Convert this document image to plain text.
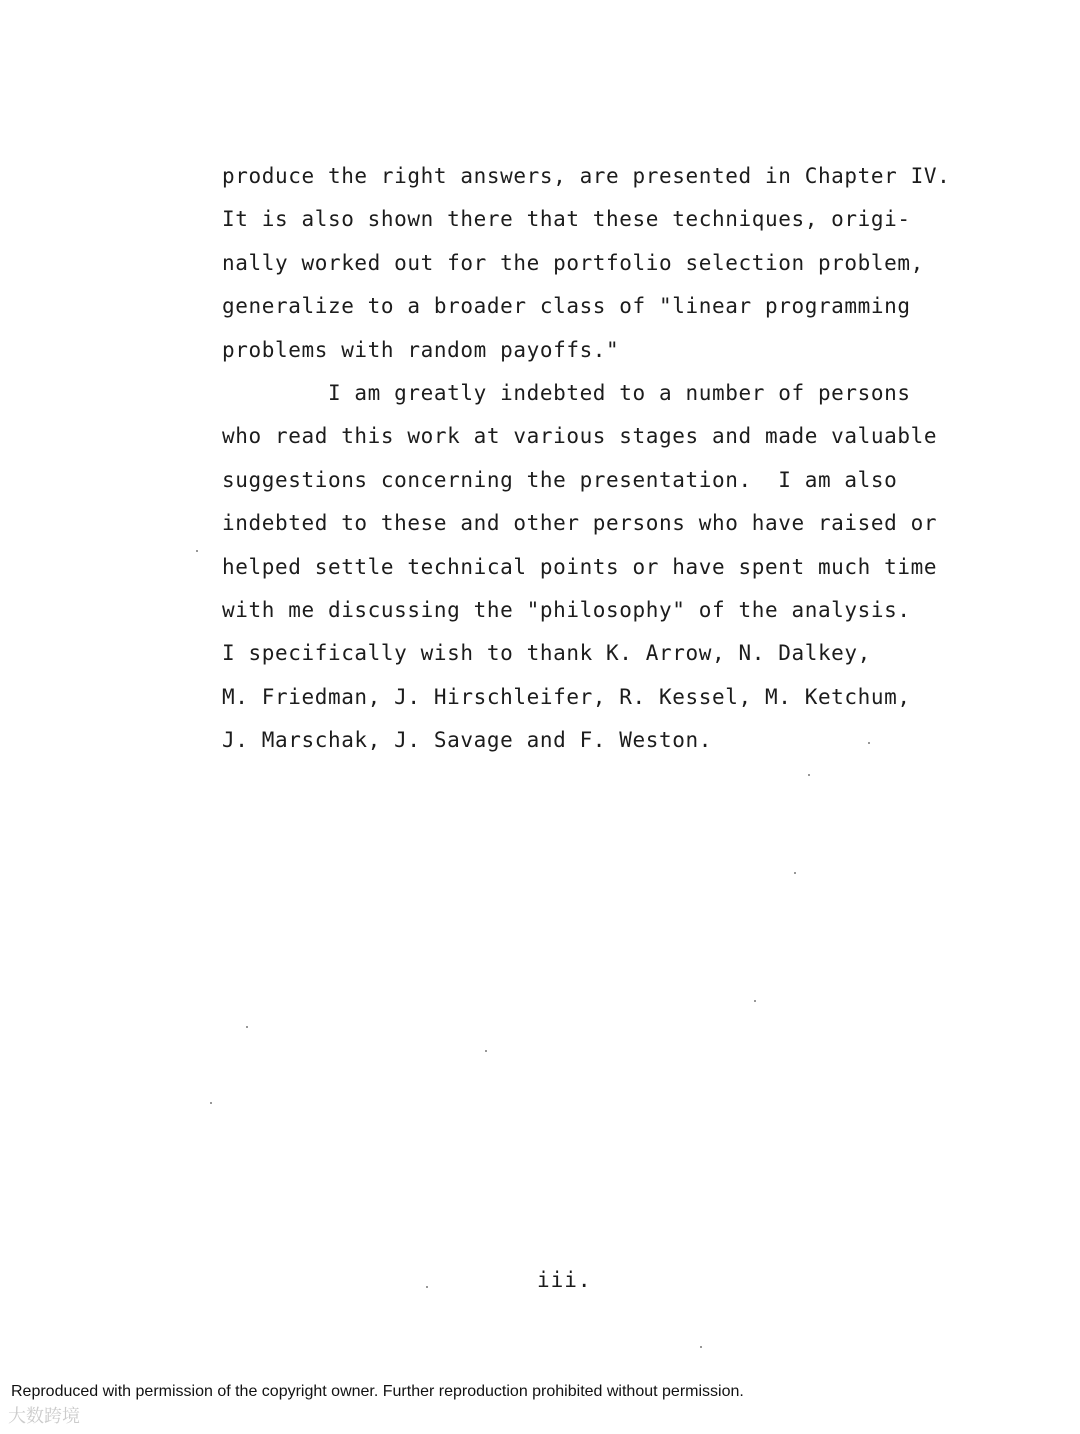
produce the right answers, are presented in Chapter IV.
It is also shown there that these techniques, origi-
nally worked out for the portfolio selection problem,
generalize to a broader class of "linear programming
problems with random payoffs."
I am greatly indebted to a number of persons
who read this work at various stages and made valuable
suggestions concerning the presentation.  I am also
indebted to these and other persons who have raised or
helped settle technical points or have spent much time
with me discussing the "philosophy" of the analysis.
I specifically wish to thank K. Arrow, N. Dalkey,
M. Friedman, J. Hirschleifer, R. Kessel, M. Ketchum,
J. Marschak, J. Savage and F. Weston.
iii.
Reproduced with permission of the copyright owner. Further reproduction prohibited without permission.
大数跨境
